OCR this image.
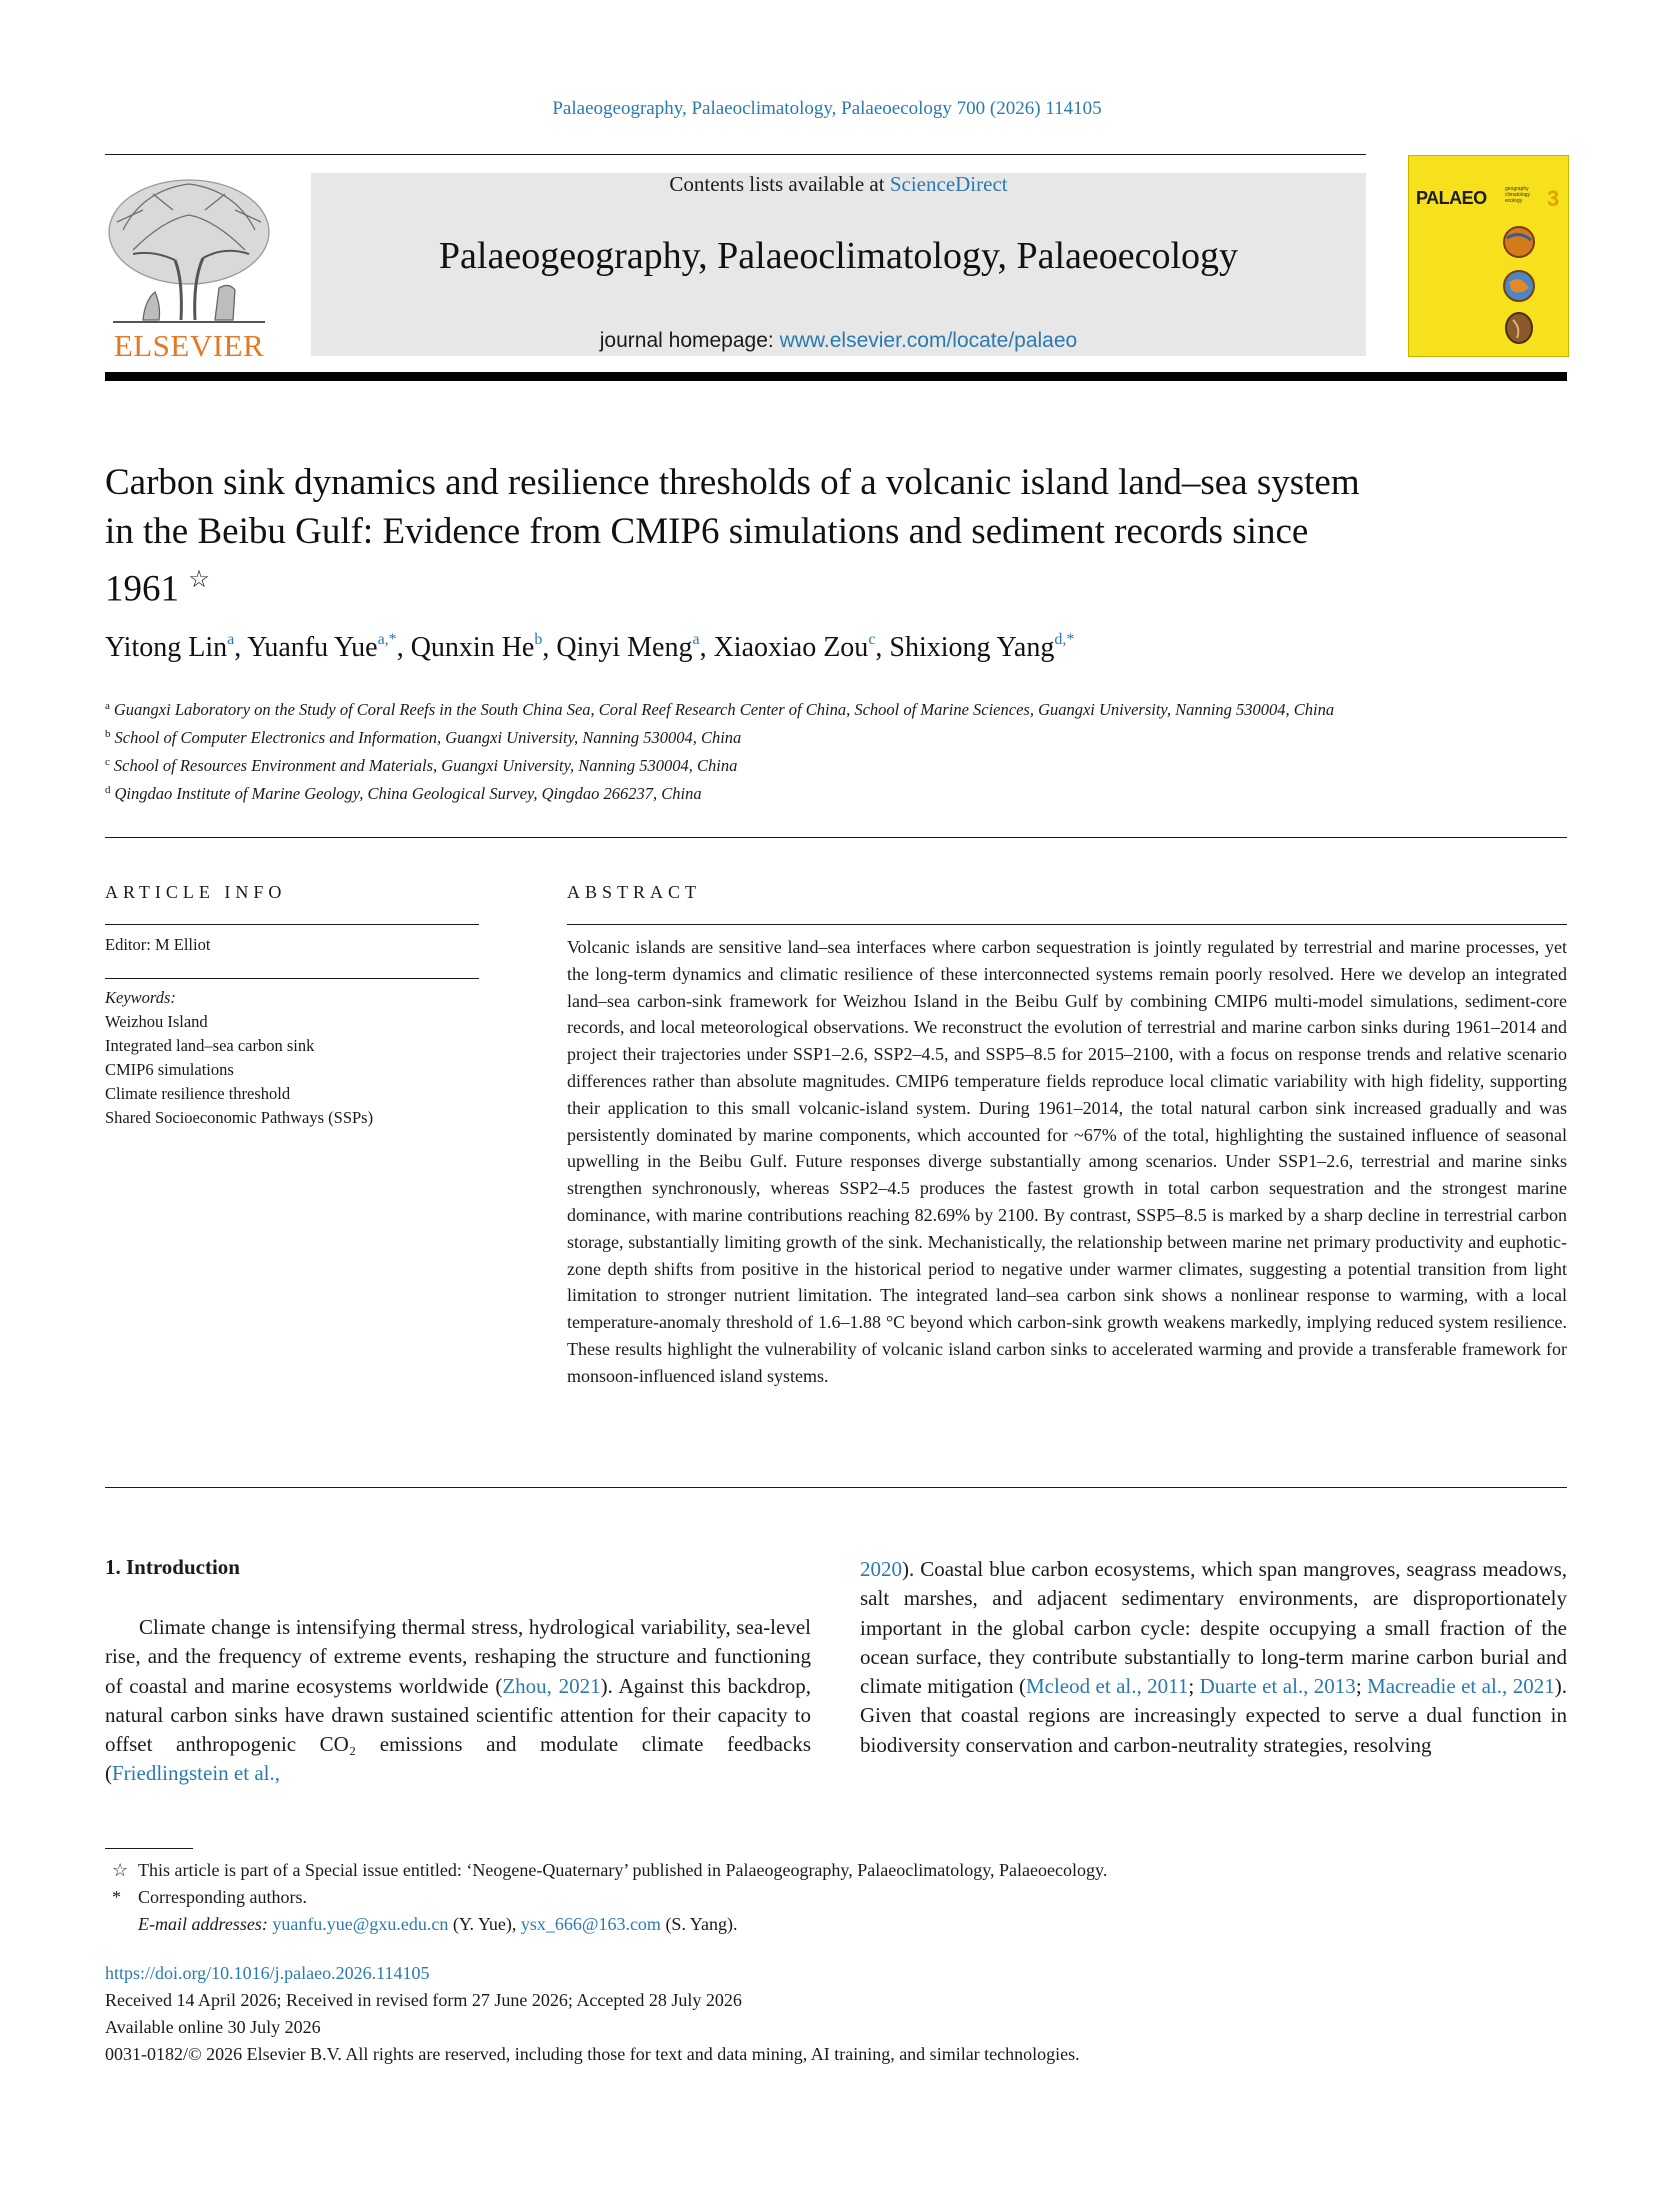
Palaeogeography, Palaeoclimatology, Palaeoecology 700 (2026) 114105
ELSEVIER
Contents lists available at ScienceDirect
Palaeogeography, Palaeoclimatology, Palaeoecology
journal homepage: www.elsevier.com/locate/palaeo
PALAEO	geography climatology ecology	3
Carbon sink dynamics and resilience thresholds of a volcanic island land–sea system in the Beibu Gulf: Evidence from CMIP6 simulations and sediment records since 1961 ☆
Yitong Lin$^a$, Yuanfu Yue$^{a,*}$, Qunxin He$^b$, Qinyi Meng$^a$, Xiaoxiao Zou$^c$, Shixiong Yang$^{d,*}$

$^a$ Guangxi Laboratory on the Study of Coral Reefs in the South China Sea, Coral Reef Research Center of China, School of Marine Sciences, Guangxi University, Nanning 530004, China

$^b$ School of Computer Electronics and Information, Guangxi University, Nanning 530004, China

$^c$ School of Resources Environment and Materials, Guangxi University, Nanning 530004, China

$^d$ Qingdao Institute of Marine Geology, China Geological Survey, Qingdao 266237, China

ARTICLE INFO
Editor: M Elliot
Keywords:
Weizhou Island
Integrated land–sea carbon sink
CMIP6 simulations
Climate resilience threshold
Shared Socioeconomic Pathways (SSPs)
ABSTRACT
Volcanic islands are sensitive land–sea interfaces where carbon sequestration is jointly regulated by terrestrial and marine processes, yet the long-term dynamics and climatic resilience of these interconnected systems remain poorly resolved. Here we develop an integrated land–sea carbon-sink framework for Weizhou Island in the Beibu Gulf by combining CMIP6 multi-model simulations, sediment-core records, and local meteorological observations. We reconstruct the evolution of terrestrial and marine carbon sinks during 1961–2014 and project their trajectories under SSP1–2.6, SSP2–4.5, and SSP5–8.5 for 2015–2100, with a focus on response trends and relative scenario differences rather than absolute magnitudes. CMIP6 temperature fields reproduce local climatic variability with high fidelity, supporting their application to this small volcanic-island system. During 1961–2014, the total natural carbon sink increased gradually and was persistently dominated by marine components, which accounted for ~67% of the total, highlighting the sustained influence of seasonal upwelling in the Beibu Gulf. Future responses diverge substantially among scenarios. Under SSP1–2.6, terrestrial and marine sinks strengthen synchronously, whereas SSP2–4.5 produces the fastest growth in total carbon sequestration and the strongest marine dominance, with marine contributions reaching 82.69% by 2100. By contrast, SSP5–8.5 is marked by a sharp decline in terrestrial carbon storage, substantially limiting growth of the sink. Mechanistically, the relationship between marine net primary productivity and euphotic-zone depth shifts from positive in the historical period to negative under warmer climates, suggesting a potential transition from light limitation to stronger nutrient limitation. The integrated land–sea carbon sink shows a nonlinear response to warming, with a local temperature-anomaly threshold of 1.6–1.88 °C beyond which carbon-sink growth weakens markedly, implying reduced system resilience. These results highlight the vulnerability of volcanic island carbon sinks to accelerated warming and provide a transferable framework for monsoon-influenced island systems.
1. Introduction

Climate change is intensifying thermal stress, hydrological variability, sea-level rise, and the frequency of extreme events, reshaping the structure and functioning of coastal and marine ecosystems worldwide (Zhou, 2021). Against this backdrop, natural carbon sinks have drawn sustained scientific attention for their capacity to offset anthropogenic CO₂ emissions and modulate climate feedbacks (Friedlingstein et al.,

2020). Coastal blue carbon ecosystems, which span mangroves, seagrass meadows, salt marshes, and adjacent sedimentary environments, are disproportionately important in the global carbon cycle: despite occupying a small fraction of the ocean surface, they contribute substantially to long-term marine carbon burial and climate mitigation (Mcleod et al., 2011; Duarte et al., 2013; Macreadie et al., 2021). Given that coastal regions are increasingly expected to serve a dual function in biodiversity conservation and carbon-neutrality strategies, resolving

☆ This article is part of a Special issue entitled: ‘Neogene-Quaternary’ published in Palaeogeography, Palaeoclimatology, Palaeoecology.

* Corresponding authors.

E-mail addresses: yuanfu.yue@gxu.edu.cn (Y. Yue), ysx_666@163.com (S. Yang).

https://doi.org/10.1016/j.palaeo.2026.114105

Received 14 April 2026; Received in revised form 27 June 2026; Accepted 28 July 2026

Available online 30 July 2026

0031-0182/© 2026 Elsevier B.V. All rights are reserved, including those for text and data mining, AI training, and similar technologies.
